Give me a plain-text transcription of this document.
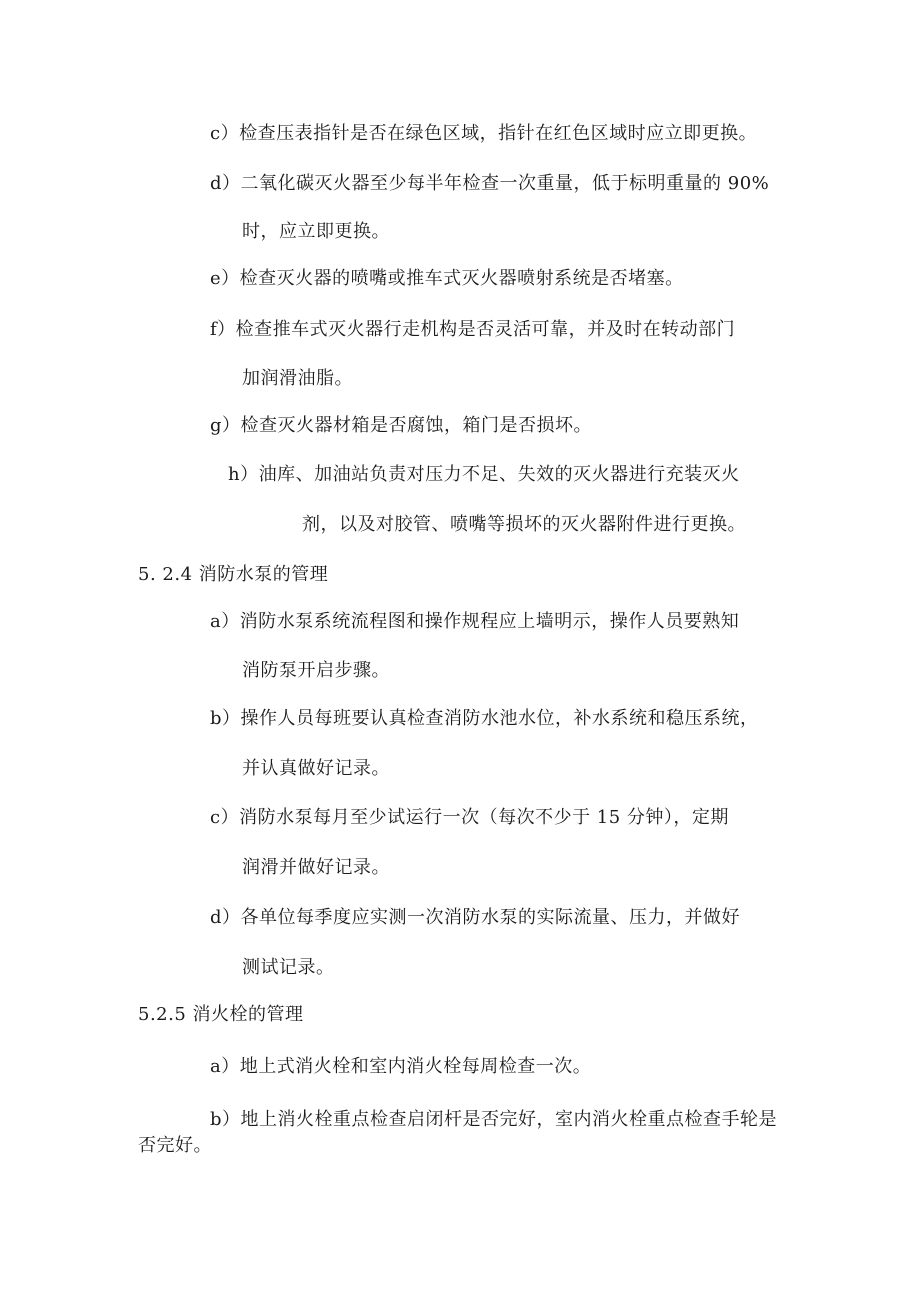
c）检查压表指针是否在绿色区域，指针在红色区域时应立即更换。

d）二氧化碳灭火器至少每半年检查一次重量，低于标明重量的 90%

时，应立即更换。

e）检查灭火器的喷嘴或推车式灭火器喷射系统是否堵塞。

f）检查推车式灭火器行走机构是否灵活可靠，并及时在转动部门

加润滑油脂。

g）检查灭火器材箱是否腐蚀，箱门是否损坏。

h）油库、加油站负责对压力不足、失效的灭火器进行充装灭火

剂，以及对胶管、喷嘴等损坏的灭火器附件进行更换。

5. 2.4 消防水泵的管理

a）消防水泵系统流程图和操作规程应上墙明示，操作人员要熟知

消防泵开启步骤。

b）操作人员每班要认真检查消防水池水位，补水系统和稳压系统，

并认真做好记录。

c）消防水泵每月至少试运行一次（每次不少于 15 分钟），定期

润滑并做好记录。

d）各单位每季度应实测一次消防水泵的实际流量、压力，并做好

测试记录。

5.2.5 消火栓的管理

a）地上式消火栓和室内消火栓每周检查一次。

b）地上消火栓重点检查启闭杆是否完好，室内消火栓重点检查手轮是否完好。
